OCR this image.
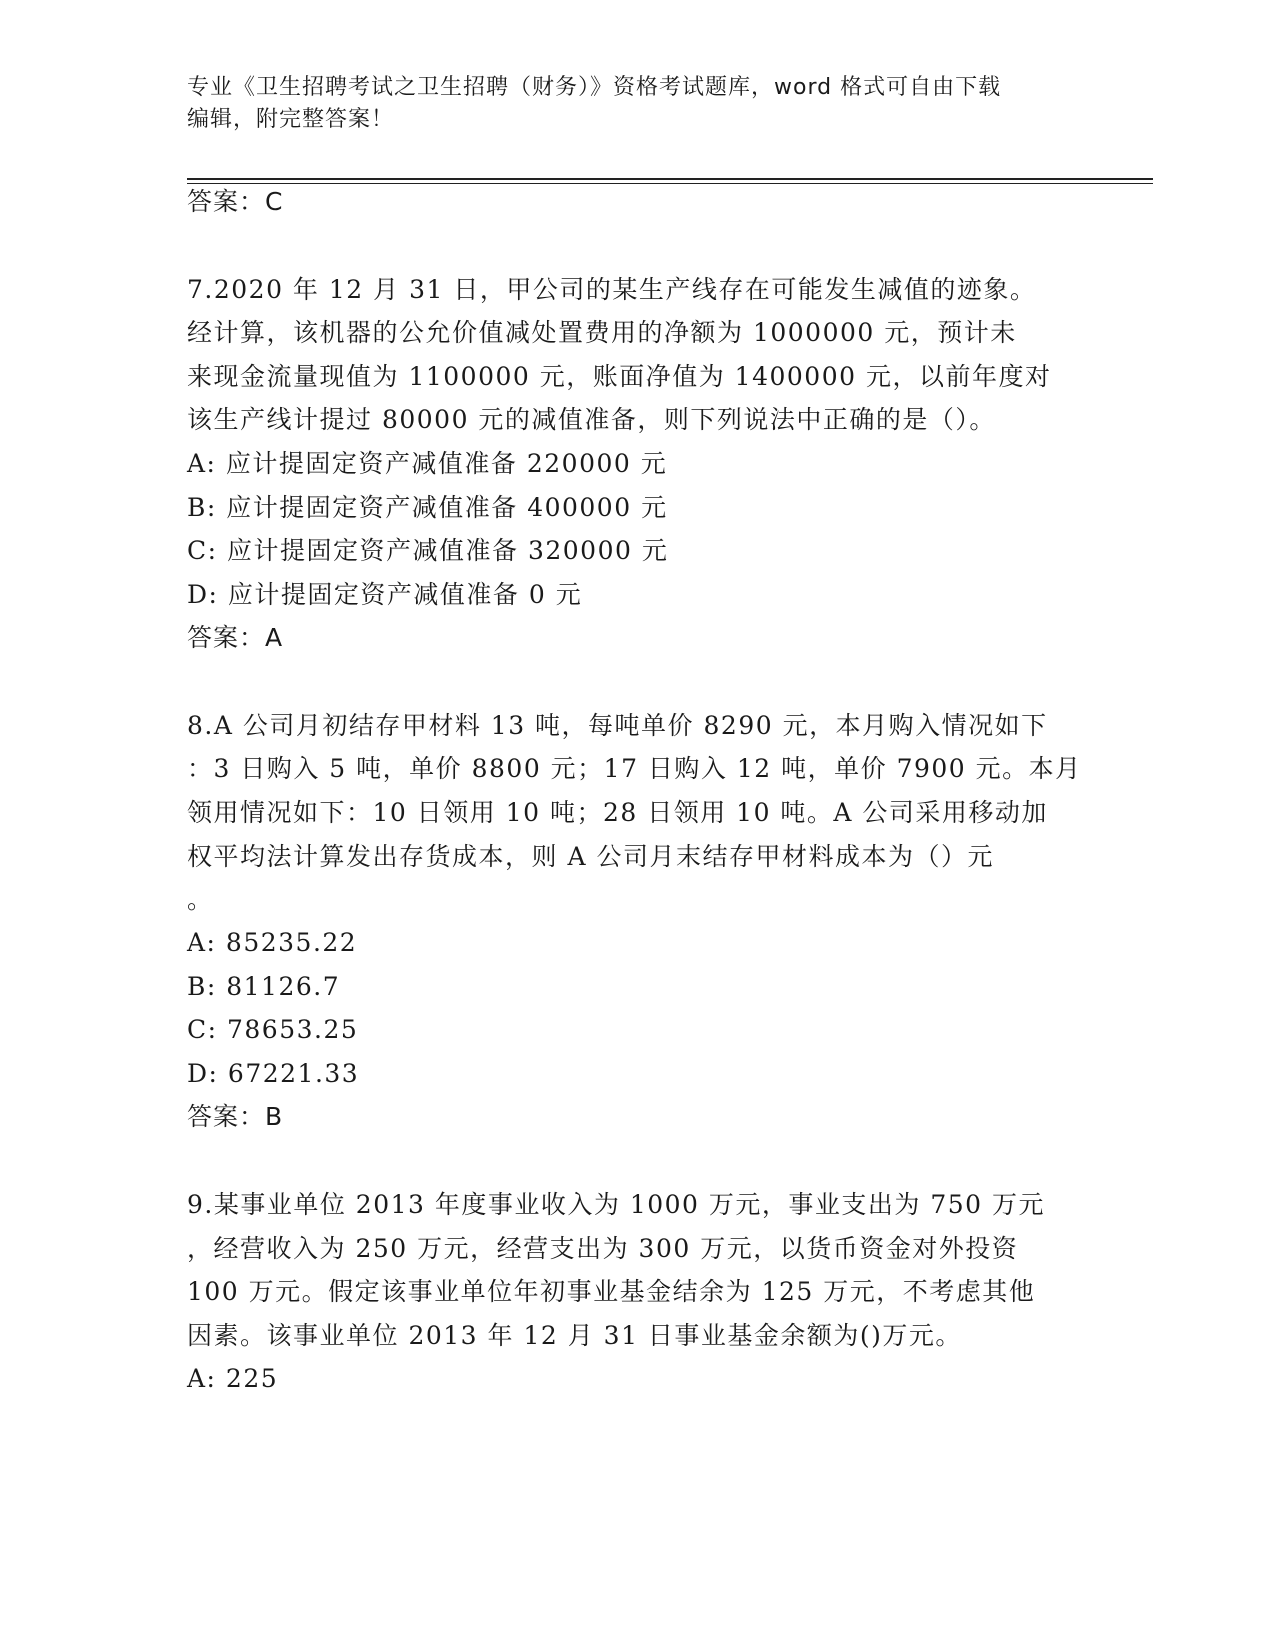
专业《卫生招聘考试之卫生招聘（财务）》资格考试题库，word 格式可自由下载
编辑，附完整答案！
答案：C
7.2020 年 12 月 31 日，甲公司的某生产线存在可能发生减值的迹象。
经计算，该机器的公允价值减处置费用的净额为 1000000 元，预计未
来现金流量现值为 1100000 元，账面净值为 1400000 元，以前年度对
该生产线计提过 80000 元的减值准备，则下列说法中正确的是（）。
A: 应计提固定资产减值准备 220000 元
B: 应计提固定资产减值准备 400000 元
C: 应计提固定资产减值准备 320000 元
D: 应计提固定资产减值准备 0 元
答案：A
8.A 公司月初结存甲材料 13 吨，每吨单价 8290 元，本月购入情况如下
：3 日购入 5 吨，单价 8800 元；17 日购入 12 吨，单价 7900 元。本月
领用情况如下：10 日领用 10 吨；28 日领用 10 吨。A 公司采用移动加
权平均法计算发出存货成本，则 A 公司月末结存甲材料成本为（）元
。
A: 85235.22
B: 81126.7
C: 78653.25
D: 67221.33
答案：B
9.某事业单位 2013 年度事业收入为 1000 万元，事业支出为 750 万元
，经营收入为 250 万元，经营支出为 300 万元，以货币资金对外投资
100 万元。假定该事业单位年初事业基金结余为 125 万元，不考虑其他
因素。该事业单位 2013 年 12 月 31 日事业基金余额为()万元。
A: 225
